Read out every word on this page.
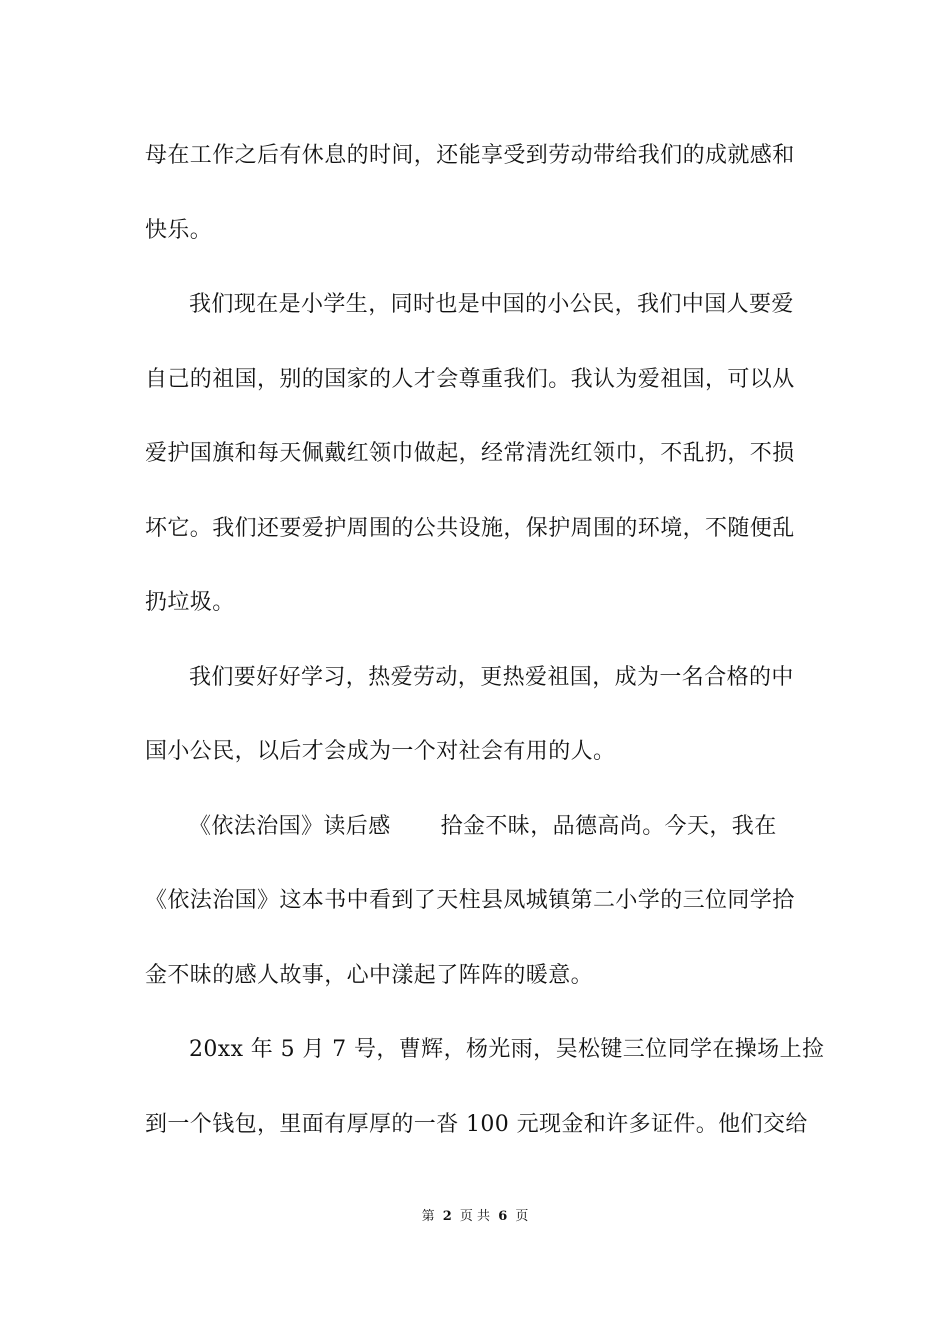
母在工作之后有休息的时间，还能享受到劳动带给我们的成就感和
快乐。
我们现在是小学生，同时也是中国的小公民，我们中国人要爱
自己的祖国，别的国家的人才会尊重我们。我认为爱祖国，可以从
爱护国旗和每天佩戴红领巾做起，经常清洗红领巾，不乱扔，不损
坏它。我们还要爱护周围的公共设施，保护周围的环境，不随便乱
扔垃圾。
我们要好好学习，热爱劳动，更热爱祖国，成为一名合格的中
国小公民，以后才会成为一个对社会有用的人。
《依法治国》读后感 拾金不昧，品德高尚。今天，我在
《依法治国》这本书中看到了天柱县凤城镇第二小学的三位同学拾
金不昧的感人故事，心中漾起了阵阵的暖意。
20xx 年 5 月 7 号，曹辉，杨光雨，吴松键三位同学在操场上捡
到一个钱包，里面有厚厚的一沓 100 元现金和许多证件。他们交给
第 2 页 共 6 页
